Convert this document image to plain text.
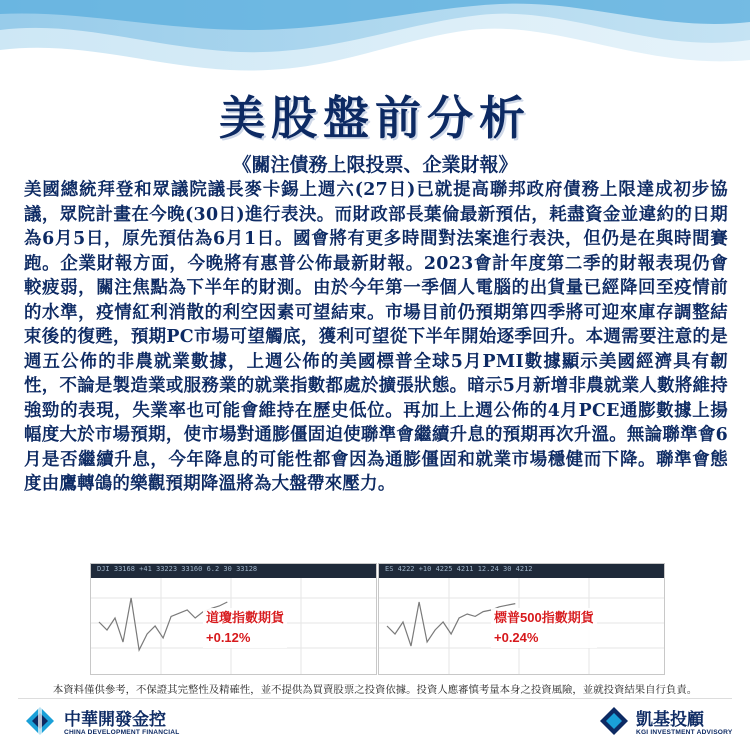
美股盤前分析
《關注債務上限投票、企業財報》
美國總統拜登和眾議院議長麥卡錫上週六(27日)已就提高聯邦政府債務上限達成初步協議，眾院計畫在今晚(30日)進行表決。而財政部長葉倫最新預估，耗盡資金並違約的日期為6月5日，原先預估為6月1日。國會將有更多時間對法案進行表決，但仍是在與時間賽跑。企業財報方面，今晚將有惠普公佈最新財報。2023會計年度第二季的財報表現仍會較疲弱，關注焦點為下半年的財測。由於今年第一季個人電腦的出貨量已經降回至疫情前的水準，疫情紅利消散的利空因素可望結束。市場目前仍預期第四季將可迎來庫存調整結束後的復甦，預期PC市場可望觸底，獲利可望從下半年開始逐季回升。本週需要注意的是週五公佈的非農就業數據，上週公佈的美國標普全球5月PMI數據顯示美國經濟具有韌性，不論是製造業或服務業的就業指數都處於擴張狀態。暗示5月新增非農就業人數將維持強勁的表現，失業率也可能會維持在歷史低位。再加上上週公佈的4月PCE通膨數據上揚幅度大於市場預期，使市場對通膨僵固迫使聯準會繼續升息的預期再次升溫。無論聯準會6月是否繼續升息，今年降息的可能性都會因為通膨僵固和就業市場穩健而下降。聯準會態度由鷹轉鴿的樂觀預期降溫將為大盤帶來壓力。
DJI 33168 +41 33223 33160 6.2 30 33128
道瓊指數期貨
+0.12%
ES 4222 +10 4225 4211 12.24 30 4212
標普500指數期貨
+0.24%
本資料僅供參考，不保證其完整性及精確性，並不提供為買賣股票之投資依據。投資人應審慎考量本身之投資風險，並就投資結果自行負責。
中華開發金控
CHINA DEVELOPMENT FINANCIAL
凱基投顧
KGI INVESTMENT ADVISORY
